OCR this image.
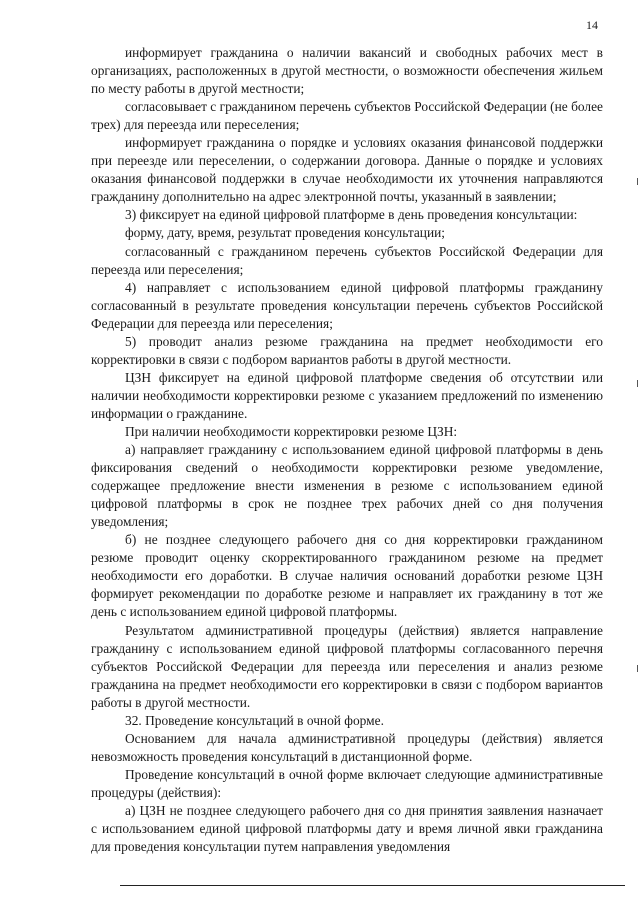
14

информирует гражданина о наличии вакансий и свободных рабочих мест в организациях, расположенных в другой местности, о возможности обеспечения жильем по месту работы в другой местности;

согласовывает с гражданином перечень субъектов Российской Федерации (не более трех) для переезда или переселения;

информирует гражданина о порядке и условиях оказания финансовой поддержки при переезде или переселении, о содержании договора. Данные о порядке и условиях оказания финансовой поддержки в случае необходимости их уточнения направляются гражданину дополнительно на адрес электронной почты, указанный в заявлении;

3) фиксирует на единой цифровой платформе в день проведения консультации:

форму, дату, время, результат проведения консультации;

согласованный с гражданином перечень субъектов Российской Федерации для переезда или переселения;

4) направляет с использованием единой цифровой платформы гражданину согласованный в результате проведения консультации перечень субъектов Российской Федерации для переезда или переселения;

5) проводит анализ резюме гражданина на предмет необходимости его корректировки в связи с подбором вариантов работы в другой местности.

ЦЗН фиксирует на единой цифровой платформе сведения об отсутствии или наличии необходимости корректировки резюме с указанием предложений по изменению информации о гражданине.

При наличии необходимости корректировки резюме ЦЗН:

а) направляет гражданину с использованием единой цифровой платформы в день фиксирования сведений о необходимости корректировки резюме уведомление, содержащее предложение внести изменения в резюме с использованием единой цифровой платформы в срок не позднее трех рабочих дней со дня получения уведомления;

б) не позднее следующего рабочего дня со дня корректировки гражданином резюме проводит оценку скорректированного гражданином резюме на предмет необходимости его доработки. В случае наличия оснований доработки резюме ЦЗН формирует рекомендации по доработке резюме и направляет их гражданину в тот же день с использованием единой цифровой платформы.

Результатом административной процедуры (действия) является направление гражданину с использованием единой цифровой платформы согласованного перечня субъектов Российской Федерации для переезда или переселения и анализ резюме гражданина на предмет необходимости его корректировки в связи с подбором вариантов работы в другой местности.

32. Проведение консультаций в очной форме.

Основанием для начала административной процедуры (действия) является невозможность проведения консультаций в дистанционной форме.

Проведение консультаций в очной форме включает следующие административные процедуры (действия):

а) ЦЗН не позднее следующего рабочего дня со дня принятия заявления назначает с использованием единой цифровой платформы дату и время личной явки гражданина для проведения консультации путем направления уведомления
